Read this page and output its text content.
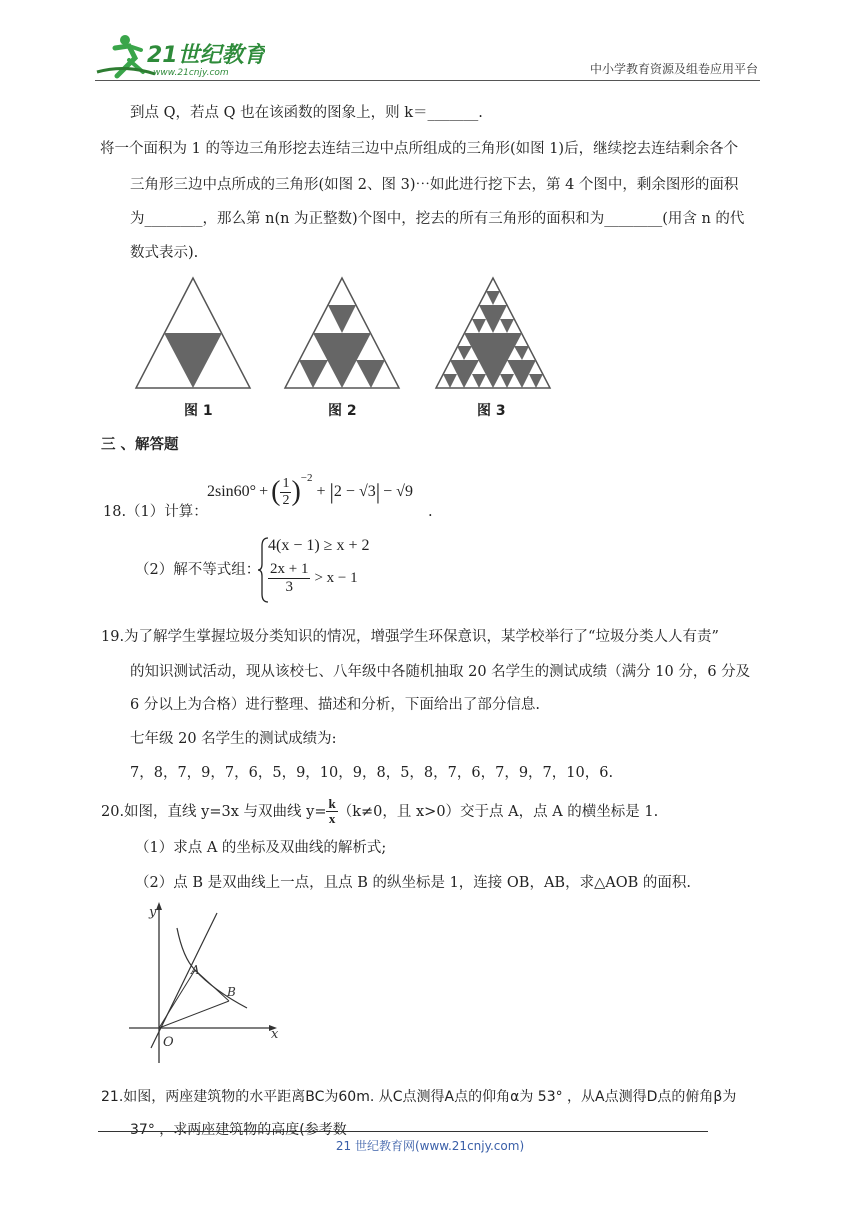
21世纪教育
www.21cnjy.com	中小学教育资源及组卷应用平台
到点 Q，若点 Q 也在该函数的图象上，则 k＝_______.
将一个面积为 1 的等边三角形挖去连结三边中点所组成的三角形(如图 1)后，继续挖去连结剩余各个
三角形三边中点所成的三角形(如图 2、图 3)⋯如此进行挖下去，第 4 个图中，剩余图形的面积
为________，那么第 n(n 为正整数)个图中，挖去的所有三角形的面积和为________(用含 n 的代
数式表示).
图 1	图 2	图 3
三 、解答题
2sin60° + ( $\frac{1}{2} )^{-2}$
+ | 2 − √3 | − √9
18.（1）计算：	.
（2）解不等式组：
4(x − 1) ≥ x + 2
$\frac{2x + 1}{3} > x - 1$
19.为了解学生掌握垃圾分类知识的情况，增强学生环保意识，某学校举行了“垃圾分类人人有责”
的知识测试活动，现从该校七、八年级中各随机抽取 20 名学生的测试成绩（满分 10 分，6 分及
6 分以上为合格）进行整理、描述和分析，下面给出了部分信息.
七年级 20 名学生的测试成绩为:
7，8，7，9，7，6，5，9，10，9，8，5，8，7，6，7，9，7，10，6.
20.如图，直线 y=3x 与双曲线 $y= \frac{k}{x} (k\ne 0$，且 x>0）交于点 A，点 A 的横坐标是 1.
（1）求点 A 的坐标及双曲线的解析式;
（2）点 B 是双曲线上一点，且点 B 的纵坐标是 1，连接 OB，AB，求△AOB 的面积.
y
x
O
A
B
21.如图，两座建筑物的水平距离BC为60m. 从C点测得A点的仰角α为 53° ，从A点测得D点的俯角β为
37° ，求两座建筑物的高度(参考数
21 世纪教育网(www.21cnjy.com)
